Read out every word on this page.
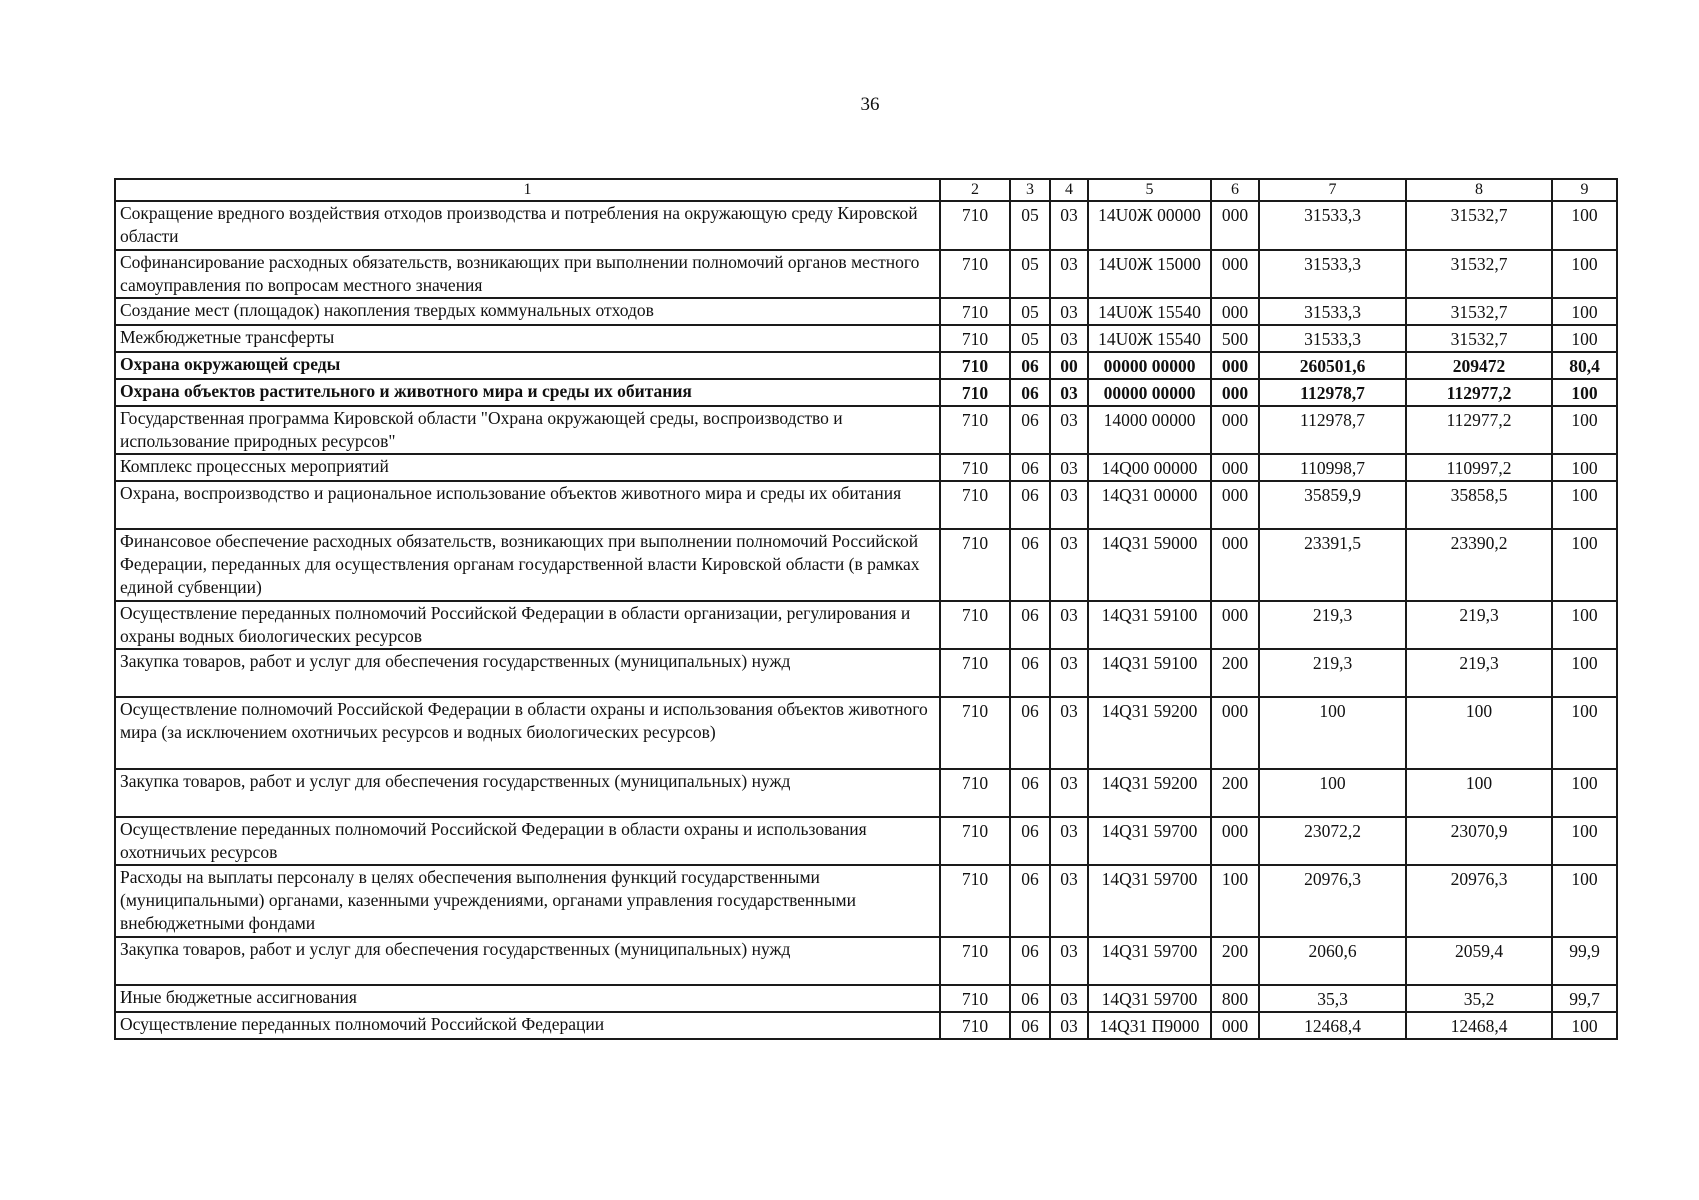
36
1	2	3	4	5	6	7	8	9
Сокращение вредного воздействия отходов производства и потребления на окружающую среду Кировской области	710	05	03	14U0Ж 00000	000	31533,3	31532,7	100
Софинансирование расходных обязательств, возникающих при выполнении полномочий органов местного самоуправления по вопросам местного значения	710	05	03	14U0Ж 15000	000	31533,3	31532,7	100
Создание мест (площадок) накопления твердых коммунальных отходов	710	05	03	14U0Ж 15540	000	31533,3	31532,7	100
Межбюджетные трансферты	710	05	03	14U0Ж 15540	500	31533,3	31532,7	100
Охрана окружающей среды	710	06	00	00000 00000	000	260501,6	209472	80,4
Охрана объектов растительного и животного мира и среды их обитания	710	06	03	00000 00000	000	112978,7	112977,2	100
Государственная программа Кировской области "Охрана окружающей среды, воспроизводство и использование природных ресурсов"	710	06	03	14000 00000	000	112978,7	112977,2	100
Комплекс процессных мероприятий	710	06	03	14Q00 00000	000	110998,7	110997,2	100
Охрана, воспроизводство и рациональное использование объектов животного мира и среды их обитания	710	06	03	14Q31 00000	000	35859,9	35858,5	100
Финансовое обеспечение расходных обязательств, возникающих при выполнении полномочий Российской Федерации, переданных для осуществления органам государственной власти Кировской области (в рамках единой субвенции)	710	06	03	14Q31 59000	000	23391,5	23390,2	100
Осуществление переданных полномочий Российской Федерации в области организации, регулирования и охраны водных биологических ресурсов	710	06	03	14Q31 59100	000	219,3	219,3	100
Закупка товаров, работ и услуг для обеспечения государственных (муниципальных) нужд	710	06	03	14Q31 59100	200	219,3	219,3	100
Осуществление полномочий Российской Федерации в области охраны и использования объектов животного мира (за исключением охотничьих ресурсов и водных биологических ресурсов)	710	06	03	14Q31 59200	000	100	100	100
Закупка товаров, работ и услуг для обеспечения государственных (муниципальных) нужд	710	06	03	14Q31 59200	200	100	100	100
Осуществление переданных полномочий Российской Федерации в области охраны и использования охотничьих ресурсов	710	06	03	14Q31 59700	000	23072,2	23070,9	100
Расходы на выплаты персоналу в целях обеспечения выполнения функций государственными (муниципальными) органами, казенными учреждениями, органами управления государственными внебюджетными фондами	710	06	03	14Q31 59700	100	20976,3	20976,3	100
Закупка товаров, работ и услуг для обеспечения государственных (муниципальных) нужд	710	06	03	14Q31 59700	200	2060,6	2059,4	99,9
Иные бюджетные ассигнования	710	06	03	14Q31 59700	800	35,3	35,2	99,7
Осуществление переданных полномочий Российской Федерации	710	06	03	14Q31 П9000	000	12468,4	12468,4	100
